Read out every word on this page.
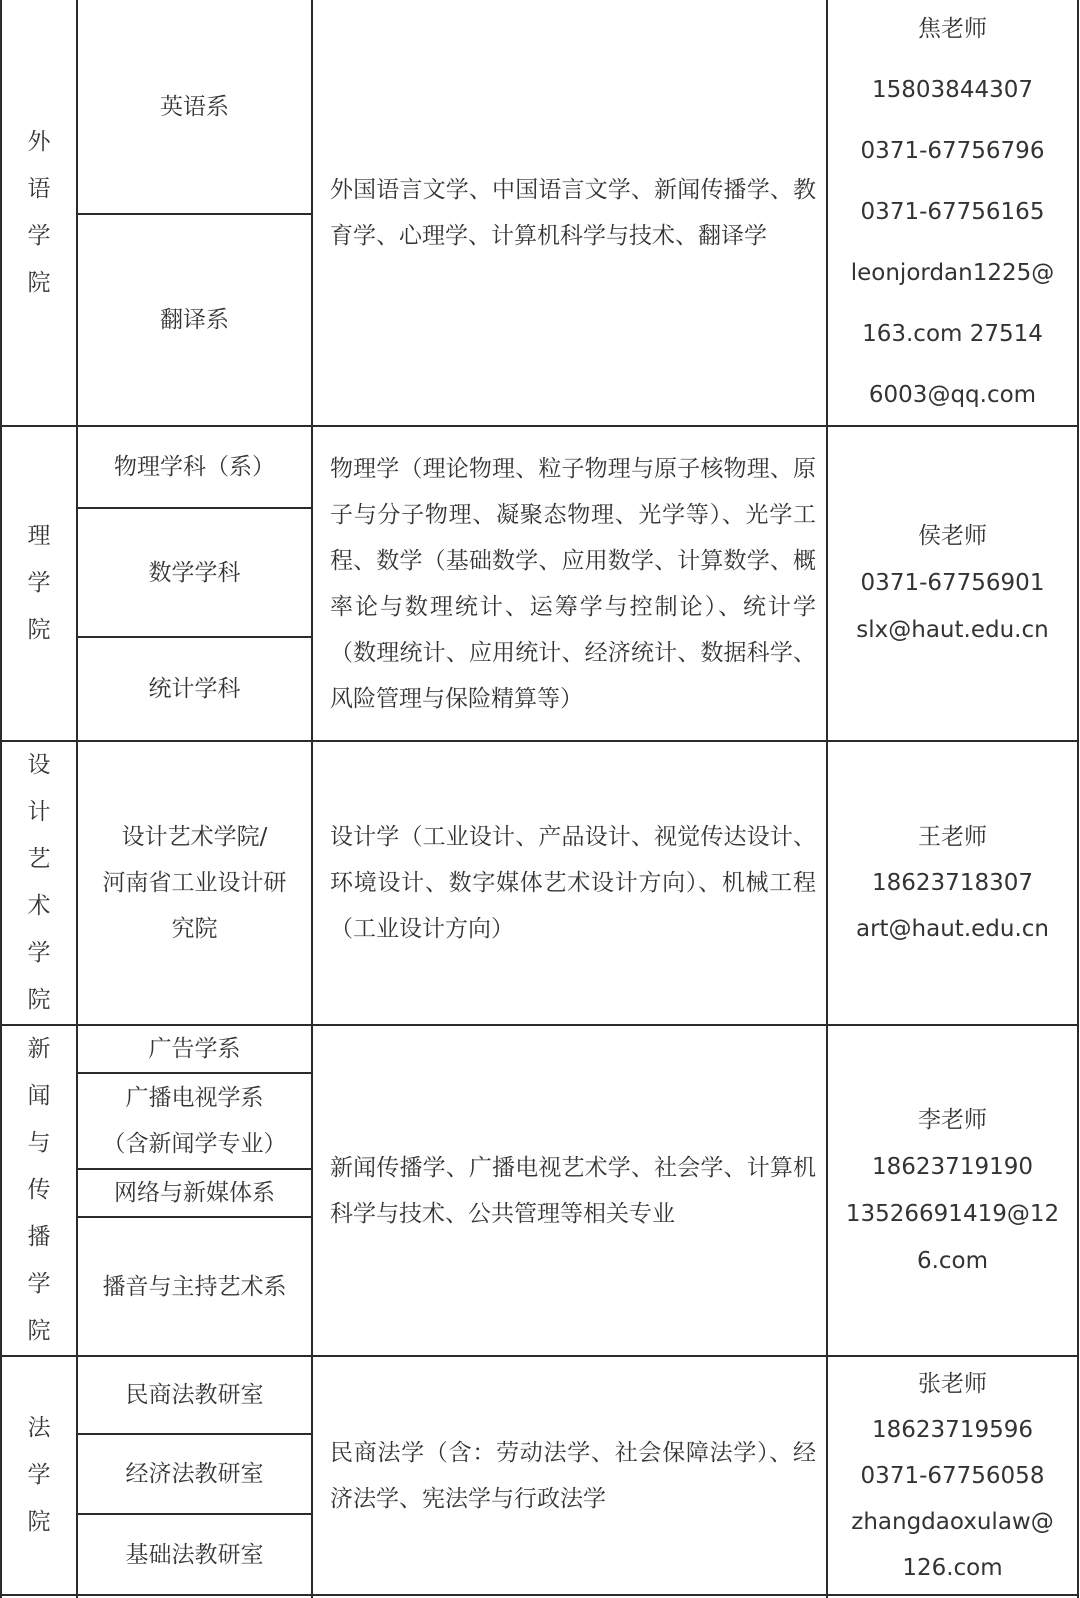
外
语
学
院
英语系
翻译系
外国语言文学、中国语言文学、新闻传播学、教育学、心理学、计算机科学与技术、翻译学
焦老师
15803844307
0371-67756796
0371-67756165
leonjordan1225@
163.com 27514
6003@qq.com
理
学
院
物理学科（系）
数学学科
统计学科
物理学（理论物理、粒子物理与原子核物理、原子与分子物理、凝聚态物理、光学等）、光学工程、数学（基础数学、应用数学、计算数学、概率论与数理统计、运筹学与控制论）、统计学（数理统计、应用统计、经济统计、数据科学、风险管理与保险精算等）
侯老师
0371-67756901
slx@haut.edu.cn
设
计
艺
术
学
院
设计艺术学院/
河南省工业设计研
究院
设计学（工业设计、产品设计、视觉传达设计、环境设计、数字媒体艺术设计方向）、机械工程（工业设计方向）
王老师
18623718307
art@haut.edu.cn
新
闻
与
传
播
学
院
广告学系
广播电视学系
（含新闻学专业）
网络与新媒体系
播音与主持艺术系
新闻传播学、广播电视艺术学、社会学、计算机科学与技术、公共管理等相关专业
李老师
18623719190
13526691419@12
6.com
法
学
院
民商法教研室
经济法教研室
基础法教研室
民商法学（含：劳动法学、社会保障法学）、经济法学、宪法学与行政法学
张老师
18623719596
0371-67756058
zhangdaoxulaw@
126.com
